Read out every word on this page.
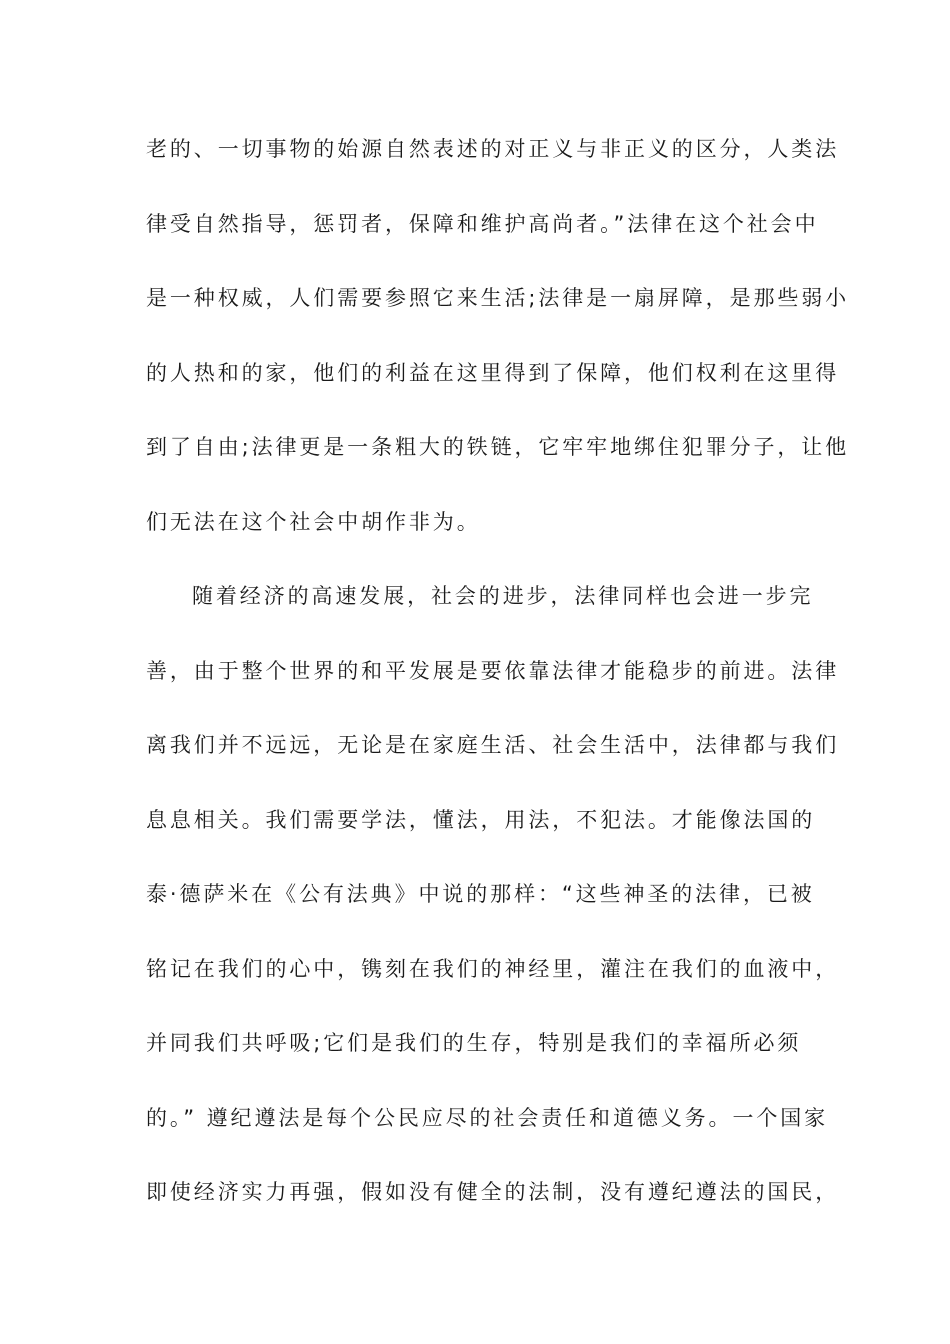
老的、一切事物的始源自然表述的对正义与非正义的区分，人类法
律受自然指导，惩罚者，保障和维护高尚者。”法律在这个社会中
是一种权威，人们需要参照它来生活;法律是一扇屏障，是那些弱小
的人热和的家，他们的利益在这里得到了保障，他们权利在这里得
到了自由;法律更是一条粗大的铁链，它牢牢地绑住犯罪分子，让他
们无法在这个社会中胡作非为。
随着经济的高速发展，社会的进步，法律同样也会进一步完
善，由于整个世界的和平发展是要依靠法律才能稳步的前进。法律
离我们并不远远，无论是在家庭生活、社会生活中，法律都与我们
息息相关。我们需要学法，懂法，用法，不犯法。才能像法国的
泰·德萨米在《公有法典》中说的那样：“这些神圣的法律，已被
铭记在我们的心中，镌刻在我们的神经里，灌注在我们的血液中，
并同我们共呼吸;它们是我们的生存，特别是我们的幸福所必须
的。” 遵纪遵法是每个公民应尽的社会责任和道德义务。一个国家
即使经济实力再强，假如没有健全的法制，没有遵纪遵法的国民，
